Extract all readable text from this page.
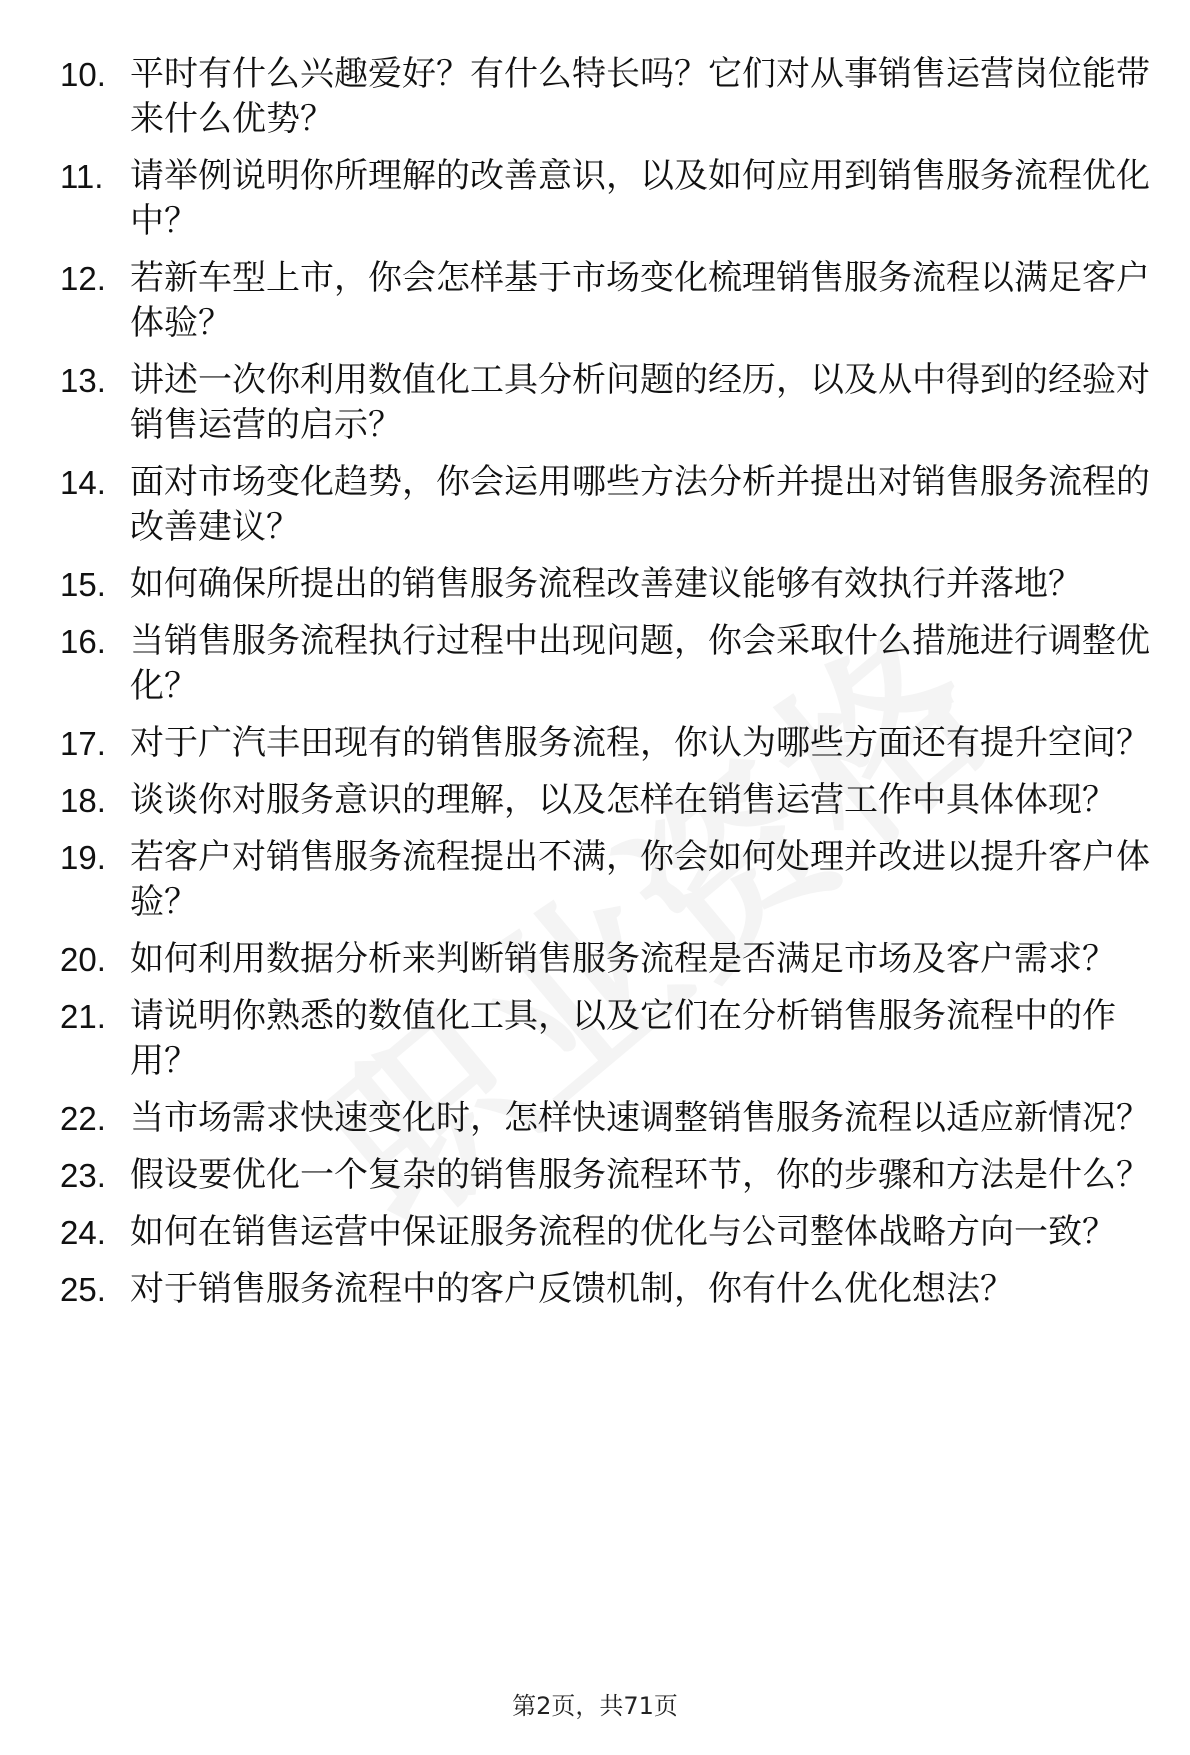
10. 平时有什么兴趣爱好？有什么特长吗？它们对从事销售运营岗位能带来什么优势？
11. 请举例说明你所理解的改善意识，以及如何应用到销售服务流程优化中？
12. 若新车型上市，你会怎样基于市场变化梳理销售服务流程以满足客户体验？
13. 讲述一次你利用数值化工具分析问题的经历，以及从中得到的经验对销售运营的启示？
14. 面对市场变化趋势，你会运用哪些方法分析并提出对销售服务流程的改善建议？
15. 如何确保所提出的销售服务流程改善建议能够有效执行并落地？
16. 当销售服务流程执行过程中出现问题，你会采取什么措施进行调整优化？
17. 对于广汽丰田现有的销售服务流程，你认为哪些方面还有提升空间？
18. 谈谈你对服务意识的理解，以及怎样在销售运营工作中具体体现？
19. 若客户对销售服务流程提出不满，你会如何处理并改进以提升客户体验？
20. 如何利用数据分析来判断销售服务流程是否满足市场及客户需求？
21. 请说明你熟悉的数值化工具，以及它们在分析销售服务流程中的作用？
22. 当市场需求快速变化时，怎样快速调整销售服务流程以适应新情况？
23. 假设要优化一个复杂的销售服务流程环节，你的步骤和方法是什么？
24. 如何在销售运营中保证服务流程的优化与公司整体战略方向一致？
25. 对于销售服务流程中的客户反馈机制，你有什么优化想法？
第2页，共71页
